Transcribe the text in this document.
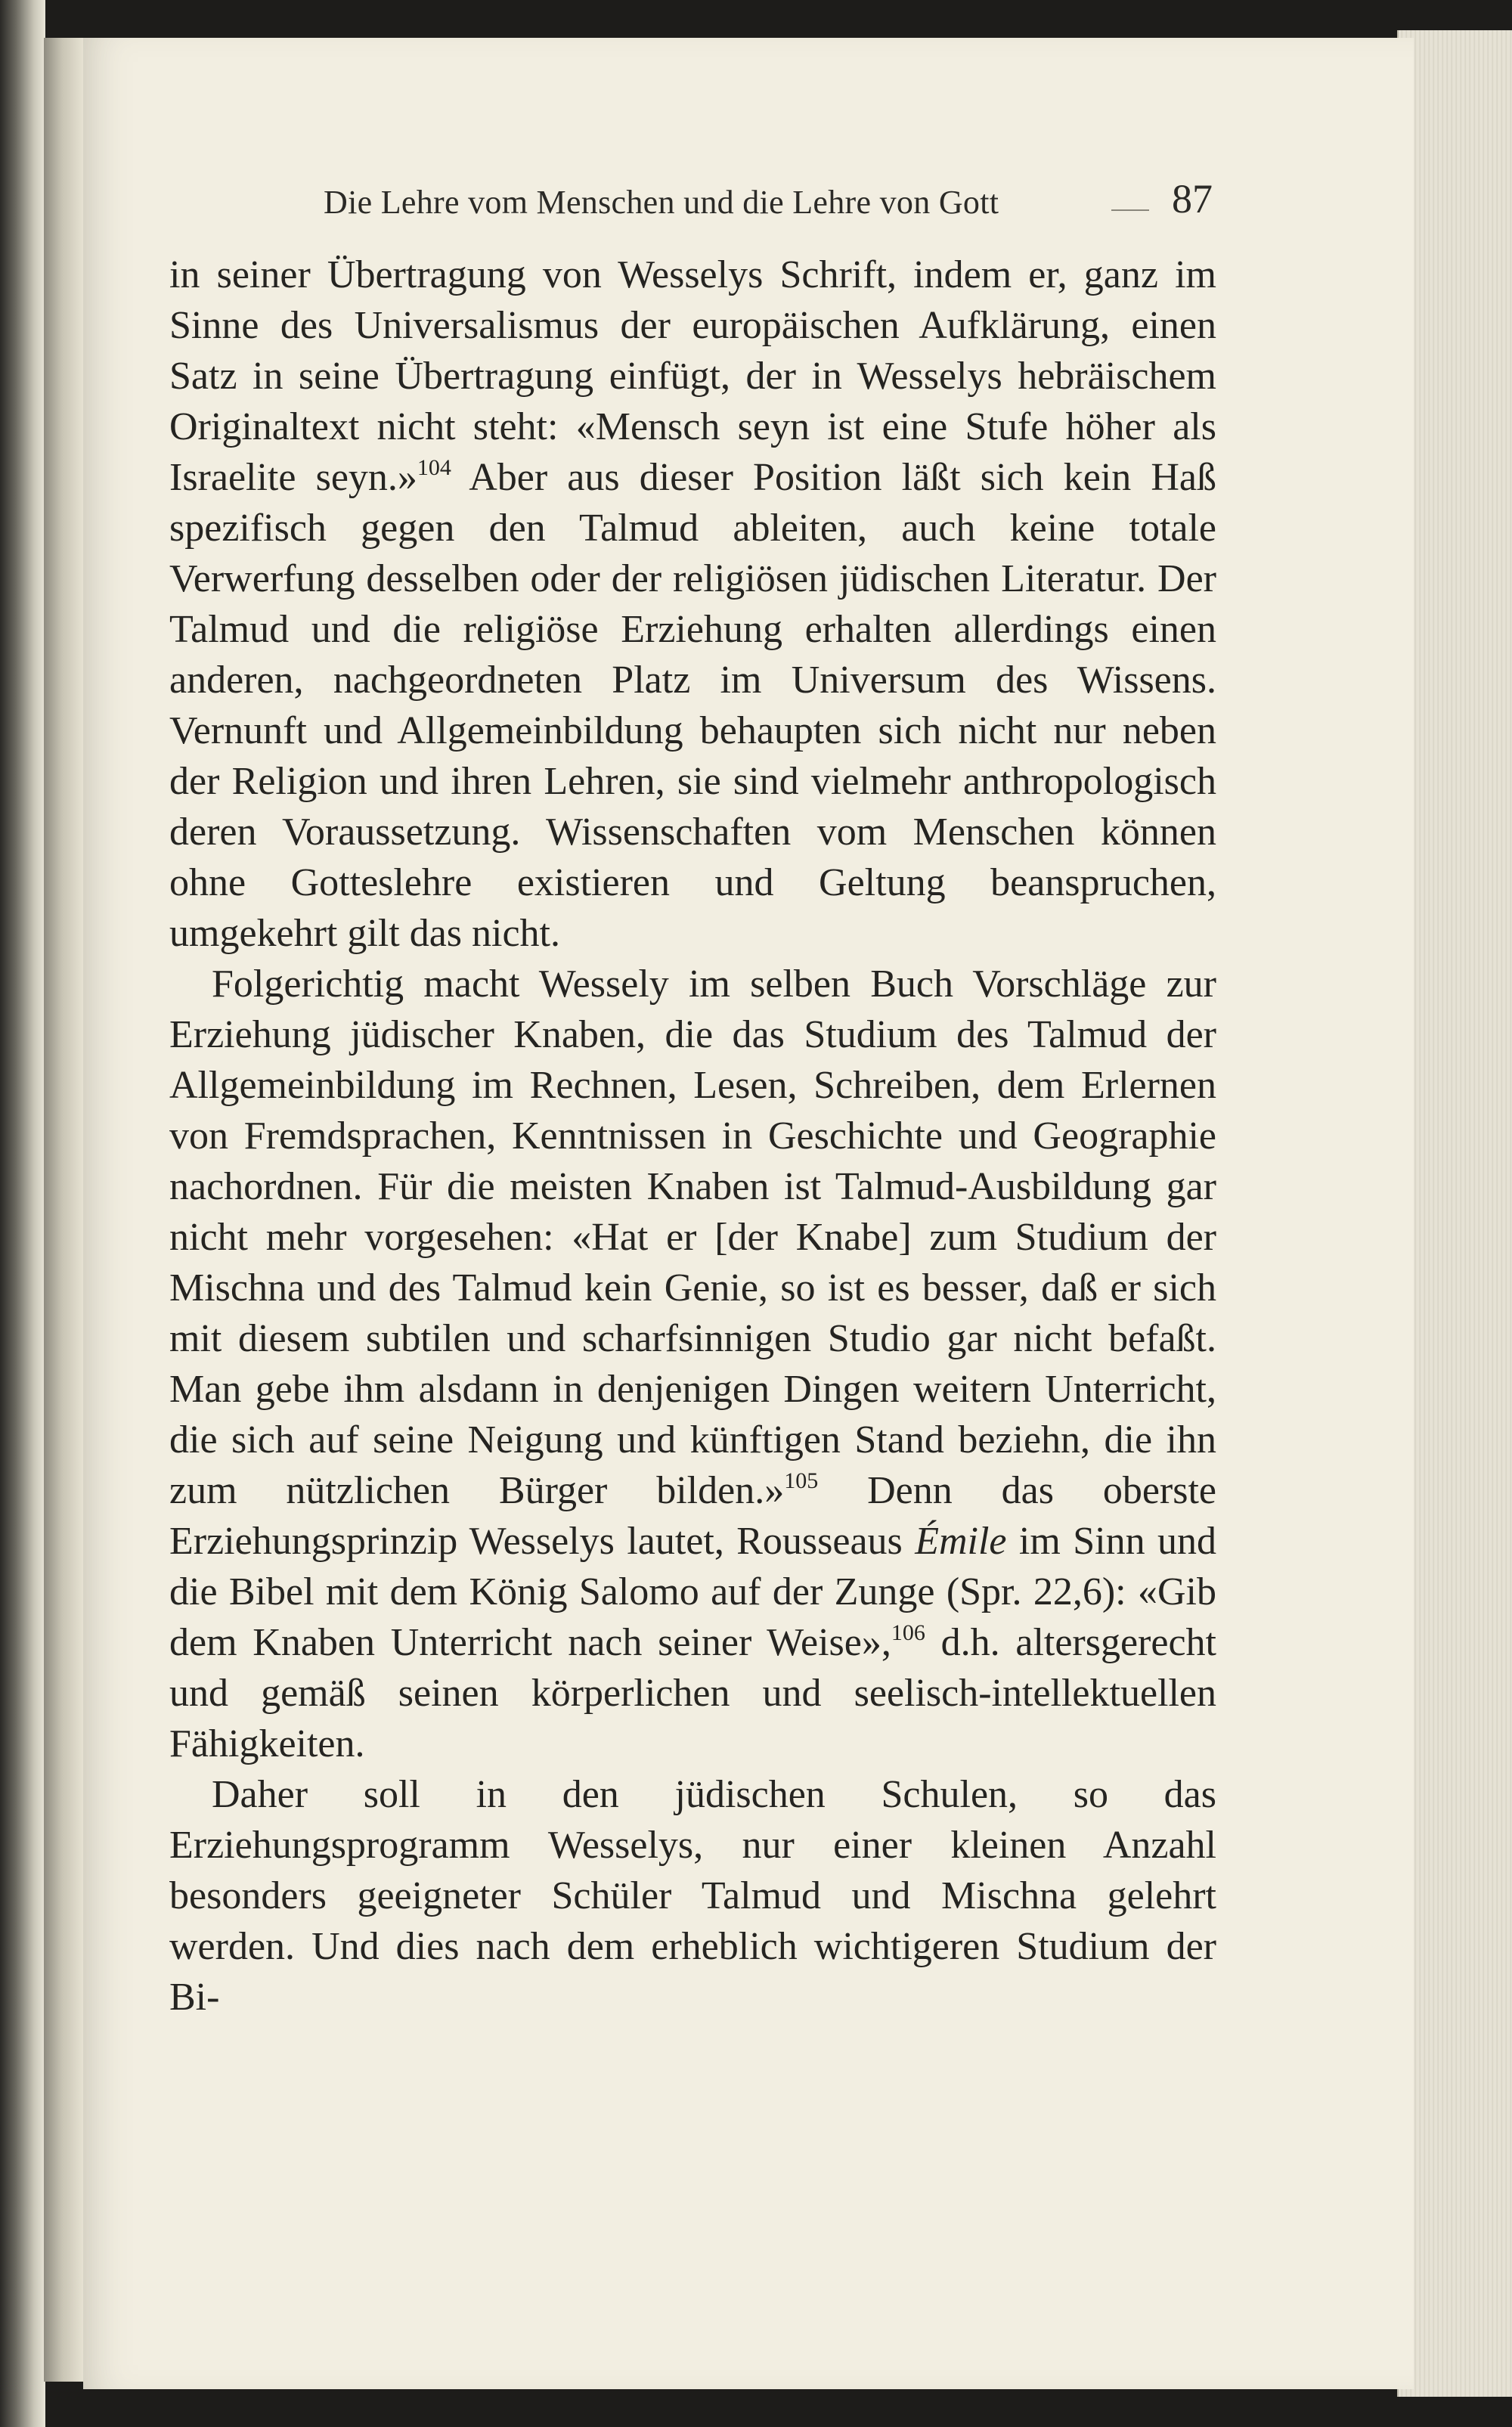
Die Lehre vom Menschen und die Lehre von Gott	87

in seiner Übertragung von Wesselys Schrift, indem er, ganz im Sinne des Universalismus der europäischen Aufklärung, einen Satz in seine Übertragung einfügt, der in Wesselys hebräischem Originaltext nicht steht: «Mensch seyn ist eine Stufe höher als Israelite seyn.»$^{104}$ Aber aus dieser Position läßt sich kein Haß spezifisch gegen den Talmud ableiten, auch keine totale Verwerfung desselben oder der religiösen jüdischen Literatur. Der Talmud und die religiöse Erziehung erhalten allerdings einen anderen, nachgeordneten Platz im Universum des Wissens. Vernunft und Allgemeinbildung behaupten sich nicht nur neben der Religion und ihren Lehren, sie sind vielmehr anthropologisch deren Voraussetzung. Wissenschaften vom Menschen können ohne Gotteslehre existieren und Geltung beanspruchen, umgekehrt gilt das nicht.

Folgerichtig macht Wessely im selben Buch Vorschläge zur Erziehung jüdischer Knaben, die das Studium des Talmud der Allgemeinbildung im Rechnen, Lesen, Schreiben, dem Erlernen von Fremdsprachen, Kenntnissen in Geschichte und Geographie nachordnen. Für die meisten Knaben ist Talmud-Ausbildung gar nicht mehr vorgesehen: «Hat er [der Knabe] zum Studium der Mischna und des Talmud kein Genie, so ist es besser, daß er sich mit diesem subtilen und scharfsinnigen Studio gar nicht befaßt. Man gebe ihm alsdann in denjenigen Dingen weitern Unterricht, die sich auf seine Neigung und künftigen Stand beziehn, die ihn zum nützlichen Bürger bilden.»$^{105}$ Denn das oberste Erziehungsprinzip Wesselys lautet, Rousseaus Émile im Sinn und die Bibel mit dem König Salomo auf der Zunge (Spr. 22,6): «Gib dem Knaben Unterricht nach seiner Weise»,$^{106}$ d.h. altersgerecht und gemäß seinen körperlichen und seelisch-intellektuellen Fähigkeiten.

Daher soll in den jüdischen Schulen, so das Erziehungsprogramm Wesselys, nur einer kleinen Anzahl besonders geeigneter Schüler Talmud und Mischna gelehrt werden. Und dies nach dem erheblich wichtigeren Studium der Bi-
